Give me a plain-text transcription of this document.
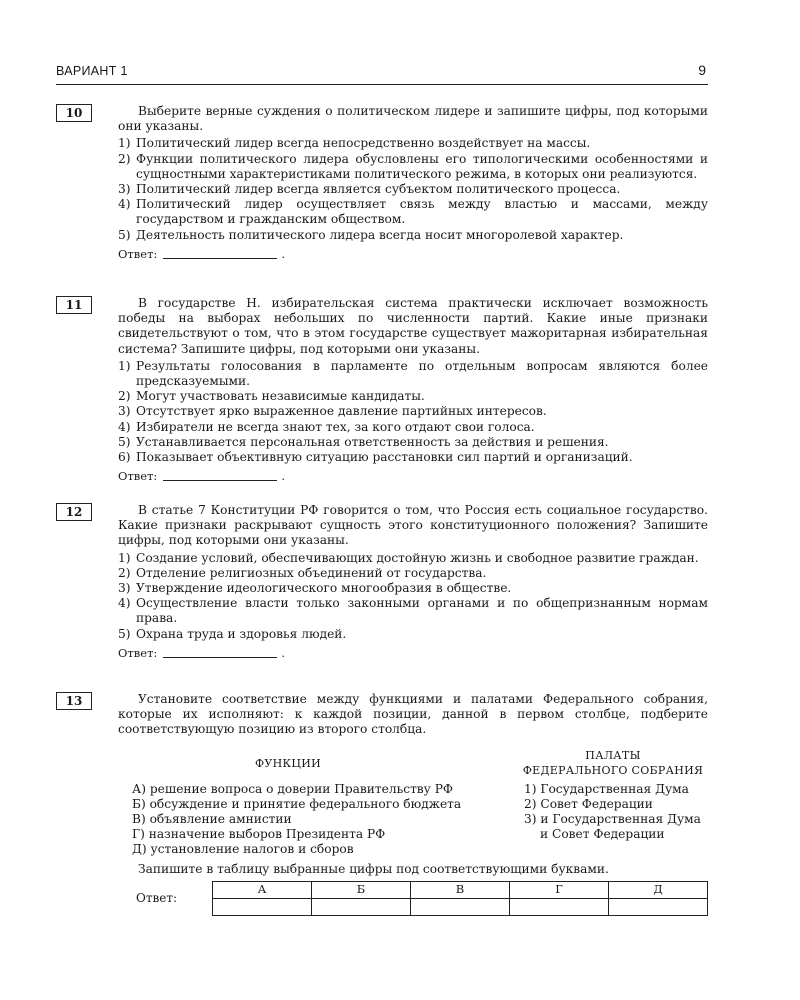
ВАРИАНТ 1	9
10	Выберите верные суждения о политическом лидере и запишите цифры, под которыми они указаны.

1) Политический лидер всегда непосредственно воздействует на массы.
2) Функции политического лидера обусловлены его типологическими особенностями и сущностными характеристиками политического режима, в которых они реализуются.
3) Политический лидер всегда является субъектом политического процесса.
4) Политический лидер осуществляет связь между властью и массами, между государством и гражданским обществом.
5) Деятельность политического лидера всегда носит многоролевой характер.
Ответ:	.
11	В государстве Н. избирательская система практически исключает возможность победы на выборах небольших по численности партий. Какие иные признаки свидетельствуют о том, что в этом государстве существует мажоритарная избирательная система? Запишите цифры, под которыми они указаны.

1) Результаты голосования в парламенте по отдельным вопросам являются более предсказуемыми.
2) Могут участвовать независимые кандидаты.
3) Отсутствует ярко выраженное давление партийных интересов.
4) Избиратели не всегда знают тех, за кого отдают свои голоса.
5) Устанавливается персональная ответственность за действия и решения.
6) Показывает объективную ситуацию расстановки сил партий и организаций.
Ответ:	.
12	В статье 7 Конституции РФ говорится о том, что Россия есть социальное государство. Какие признаки раскрывают сущность этого конституционного положения? Запишите цифры, под которыми они указаны.

1) Создание условий, обеспечивающих достойную жизнь и свободное развитие граждан.
2) Отделение религиозных объединений от государства.
3) Утверждение идеологического многообразия в обществе.
4) Осуществление власти только законными органами и по общепризнанным нормам права.
5) Охрана труда и здоровья людей.
Ответ:	.
13	Установите соответствие между функциями и палатами Федерального собрания, которые их исполняют: к каждой позиции, данной в первом столбце, подберите соответствующую позицию из второго столбца.

ФУНКЦИИ
ПАЛАТЫ
ФЕДЕРАЛЬНОГО СОБРАНИЯ
А) решение вопроса о доверии Правительству РФ
Б) обсуждение и принятие федерального бюджета
В) объявление амнистии
Г) назначение выборов Президента РФ
Д) установление налогов и сборов
1) Государственная Дума
2) Совет Федерации
3) и Государственная Дума
и Совет Федерации

Запишите в таблицу выбранные цифры под соответствующими буквами.

Ответ:
А	Б	В	Г	Д
